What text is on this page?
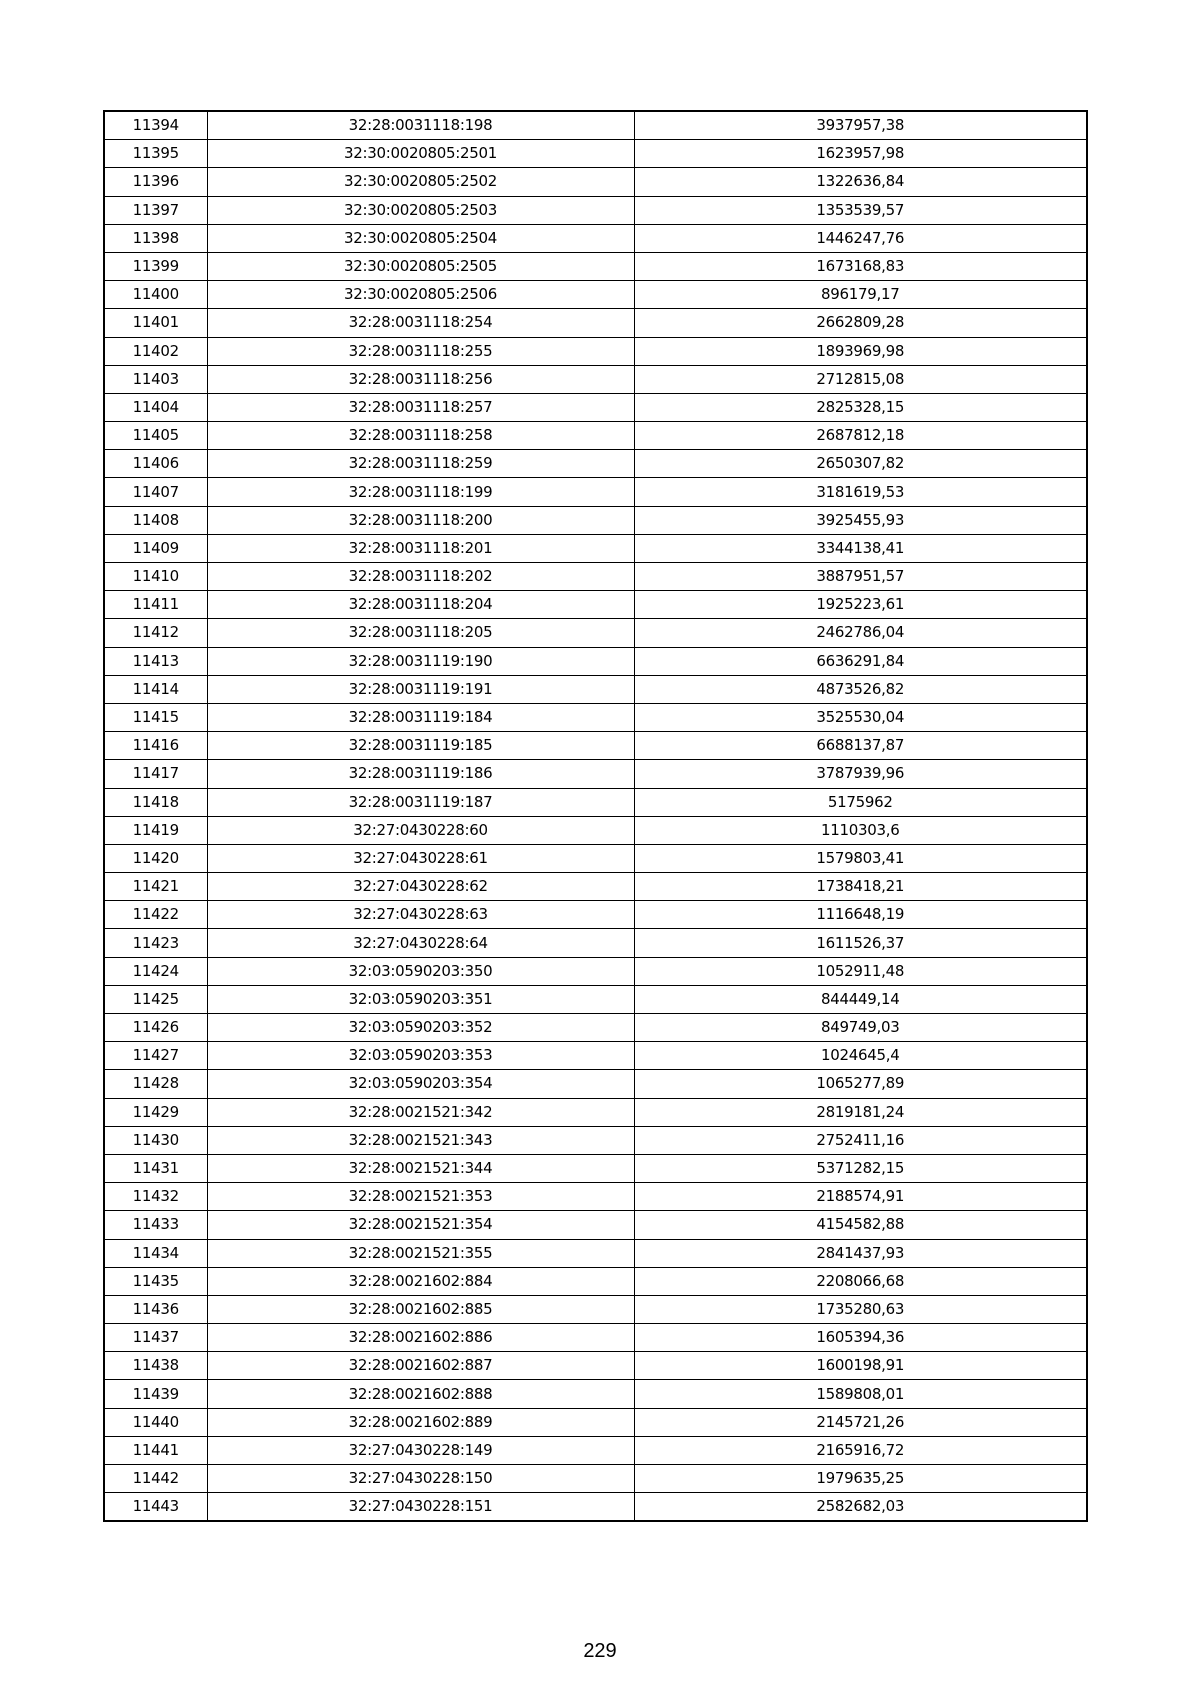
11394	32:28:0031118:198	3937957,38
11395	32:30:0020805:2501	1623957,98
11396	32:30:0020805:2502	1322636,84
11397	32:30:0020805:2503	1353539,57
11398	32:30:0020805:2504	1446247,76
11399	32:30:0020805:2505	1673168,83
11400	32:30:0020805:2506	896179,17
11401	32:28:0031118:254	2662809,28
11402	32:28:0031118:255	1893969,98
11403	32:28:0031118:256	2712815,08
11404	32:28:0031118:257	2825328,15
11405	32:28:0031118:258	2687812,18
11406	32:28:0031118:259	2650307,82
11407	32:28:0031118:199	3181619,53
11408	32:28:0031118:200	3925455,93
11409	32:28:0031118:201	3344138,41
11410	32:28:0031118:202	3887951,57
11411	32:28:0031118:204	1925223,61
11412	32:28:0031118:205	2462786,04
11413	32:28:0031119:190	6636291,84
11414	32:28:0031119:191	4873526,82
11415	32:28:0031119:184	3525530,04
11416	32:28:0031119:185	6688137,87
11417	32:28:0031119:186	3787939,96
11418	32:28:0031119:187	5175962
11419	32:27:0430228:60	1110303,6
11420	32:27:0430228:61	1579803,41
11421	32:27:0430228:62	1738418,21
11422	32:27:0430228:63	1116648,19
11423	32:27:0430228:64	1611526,37
11424	32:03:0590203:350	1052911,48
11425	32:03:0590203:351	844449,14
11426	32:03:0590203:352	849749,03
11427	32:03:0590203:353	1024645,4
11428	32:03:0590203:354	1065277,89
11429	32:28:0021521:342	2819181,24
11430	32:28:0021521:343	2752411,16
11431	32:28:0021521:344	5371282,15
11432	32:28:0021521:353	2188574,91
11433	32:28:0021521:354	4154582,88
11434	32:28:0021521:355	2841437,93
11435	32:28:0021602:884	2208066,68
11436	32:28:0021602:885	1735280,63
11437	32:28:0021602:886	1605394,36
11438	32:28:0021602:887	1600198,91
11439	32:28:0021602:888	1589808,01
11440	32:28:0021602:889	2145721,26
11441	32:27:0430228:149	2165916,72
11442	32:27:0430228:150	1979635,25
11443	32:27:0430228:151	2582682,03
229
